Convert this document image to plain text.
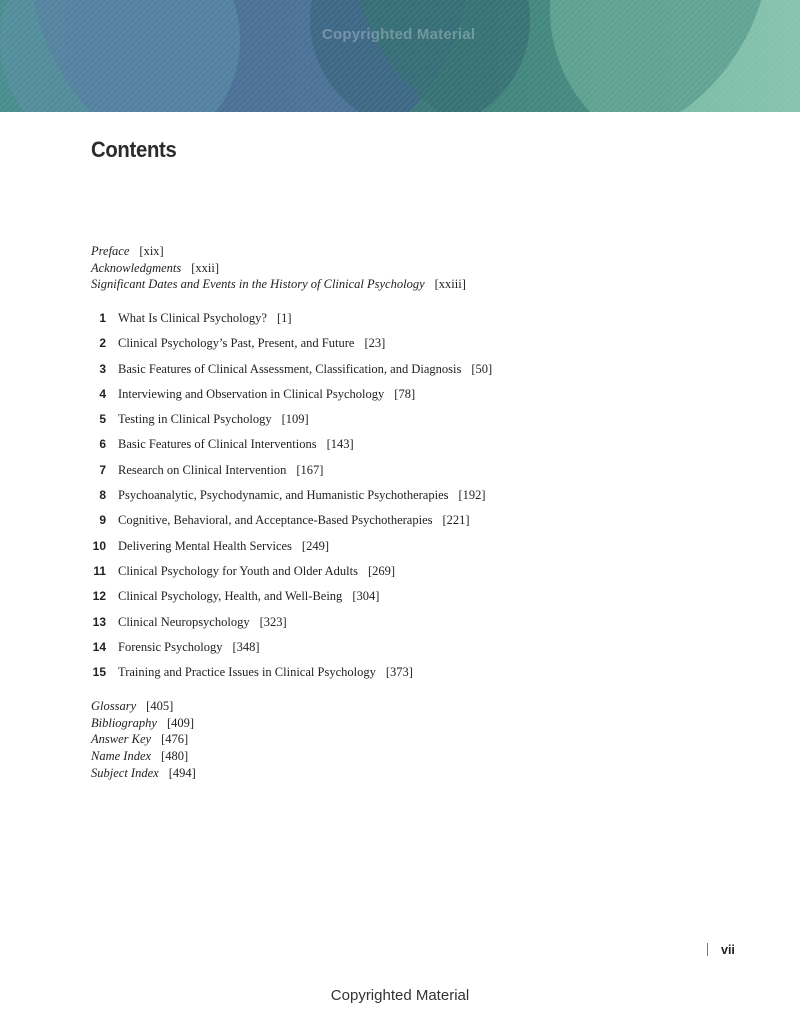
Copyrighted Material
Contents
Preface [xix]
Acknowledgments [xxii]
Significant Dates and Events in the History of Clinical Psychology [xxiii]
1 What Is Clinical Psychology? [1]
2 Clinical Psychology’s Past, Present, and Future [23]
3 Basic Features of Clinical Assessment, Classification, and Diagnosis [50]
4 Interviewing and Observation in Clinical Psychology [78]
5 Testing in Clinical Psychology [109]
6 Basic Features of Clinical Interventions [143]
7 Research on Clinical Intervention [167]
8 Psychoanalytic, Psychodynamic, and Humanistic Psychotherapies [192]
9 Cognitive, Behavioral, and Acceptance-Based Psychotherapies [221]
10 Delivering Mental Health Services [249]
11 Clinical Psychology for Youth and Older Adults [269]
12 Clinical Psychology, Health, and Well-Being [304]
13 Clinical Neuropsychology [323]
14 Forensic Psychology [348]
15 Training and Practice Issues in Clinical Psychology [373]
Glossary [405]
Bibliography [409]
Answer Key [476]
Name Index [480]
Subject Index [494]
vii
Copyrighted Material
